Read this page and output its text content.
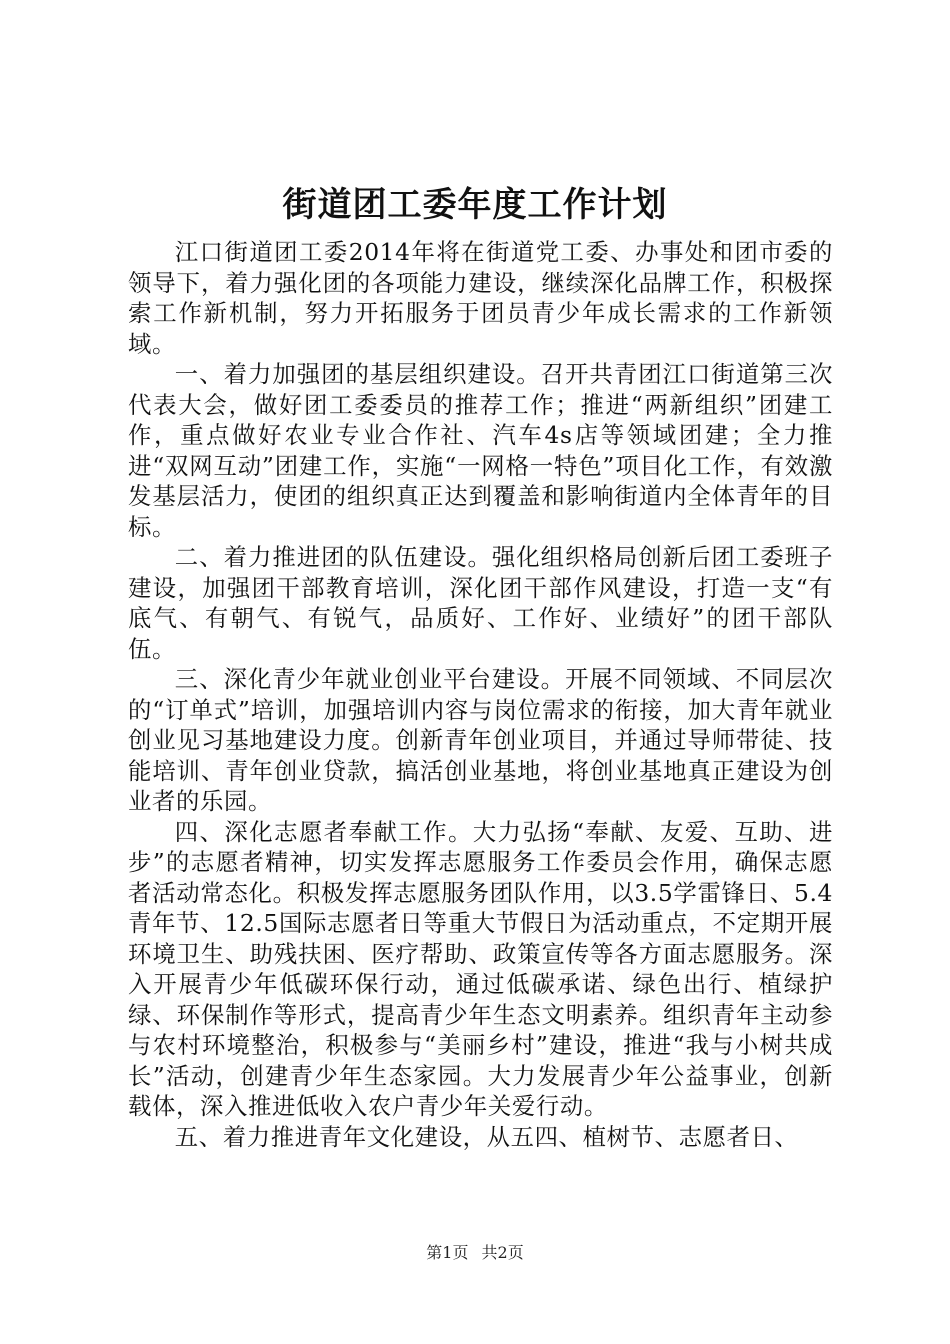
街道团工委年度工作计划

江口街道团工委2014年将在街道党工委、办事处和团市委的领导下，着力强化团的各项能力建设，继续深化品牌工作，积极探索工作新机制，努力开拓服务于团员青少年成长需求的工作新领域。

一、着力加强团的基层组织建设。召开共青团江口街道第三次代表大会，做好团工委委员的推荐工作；推进“两新组织”团建工作，重点做好农业专业合作社、汽车4s店等领域团建；全力推进“双网互动”团建工作，实施“一网格一特色”项目化工作，有效激发基层活力，使团的组织真正达到覆盖和影响街道内全体青年的目标。

二、着力推进团的队伍建设。强化组织格局创新后团工委班子建设，加强团干部教育培训，深化团干部作风建设，打造一支“有底气、有朝气、有锐气，品质好、工作好、业绩好”的团干部队伍。

三、深化青少年就业创业平台建设。开展不同领域、不同层次的“订单式”培训，加强培训内容与岗位需求的衔接，加大青年就业创业见习基地建设力度。创新青年创业项目，并通过导师带徒、技能培训、青年创业贷款，搞活创业基地，将创业基地真正建设为创业者的乐园。

四、深化志愿者奉献工作。大力弘扬“奉献、友爱、互助、进步”的志愿者精神，切实发挥志愿服务工作委员会作用，确保志愿者活动常态化。积极发挥志愿服务团队作用，以3.5学雷锋日、5.4青年节、12.5国际志愿者日等重大节假日为活动重点，不定期开展环境卫生、助残扶困、医疗帮助、政策宣传等各方面志愿服务。深入开展青少年低碳环保行动，通过低碳承诺、绿色出行、植绿护绿、环保制作等形式，提高青少年生态文明素养。组织青年主动参与农村环境整治，积极参与“美丽乡村”建设，推进“我与小树共成长”活动，创建青少年生态家园。大力发展青少年公益事业，创新载体，深入推进低收入农户青少年关爱行动。

五、着力推进青年文化建设，从五四、植树节、志愿者日、

第1页 共2页
